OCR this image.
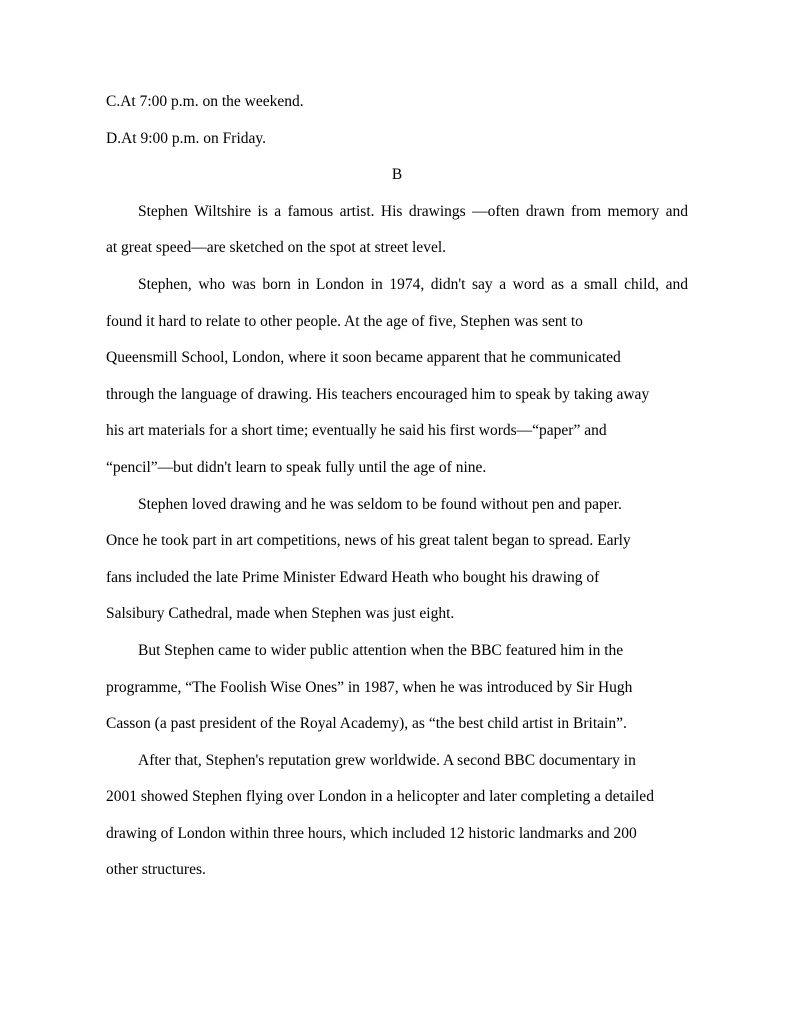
C.At 7:00 p.m. on the weekend.
D.At 9:00 p.m. on Friday.
B
Stephen Wiltshire is a famous artist. His drawings —often drawn from memory and
at great speed—are sketched on the spot at street level.
Stephen, who was born in London in 1974, didn't say a word as a small child, and
found it hard to relate to other people. At the age of five, Stephen was sent to
Queensmill School, London, where it soon became apparent that he communicated
through the language of drawing. His teachers encouraged him to speak by taking away
his art materials for a short time; eventually he said his first words—“paper” and
“pencil”—but didn't learn to speak fully until the age of nine.
Stephen loved drawing and he was seldom to be found without pen and paper.
Once he took part in art competitions, news of his great talent began to spread. Early
fans included the late Prime Minister Edward Heath who bought his drawing of
Salsibury Cathedral, made when Stephen was just eight.
But Stephen came to wider public attention when the BBC featured him in the
programme, “The Foolish Wise Ones” in 1987, when he was introduced by Sir Hugh
Casson (a past president of the Royal Academy), as “the best child artist in Britain”.
After that, Stephen's reputation grew worldwide. A second BBC documentary in
2001 showed Stephen flying over London in a helicopter and later completing a detailed
drawing of London within three hours, which included 12 historic landmarks and 200
other structures.
